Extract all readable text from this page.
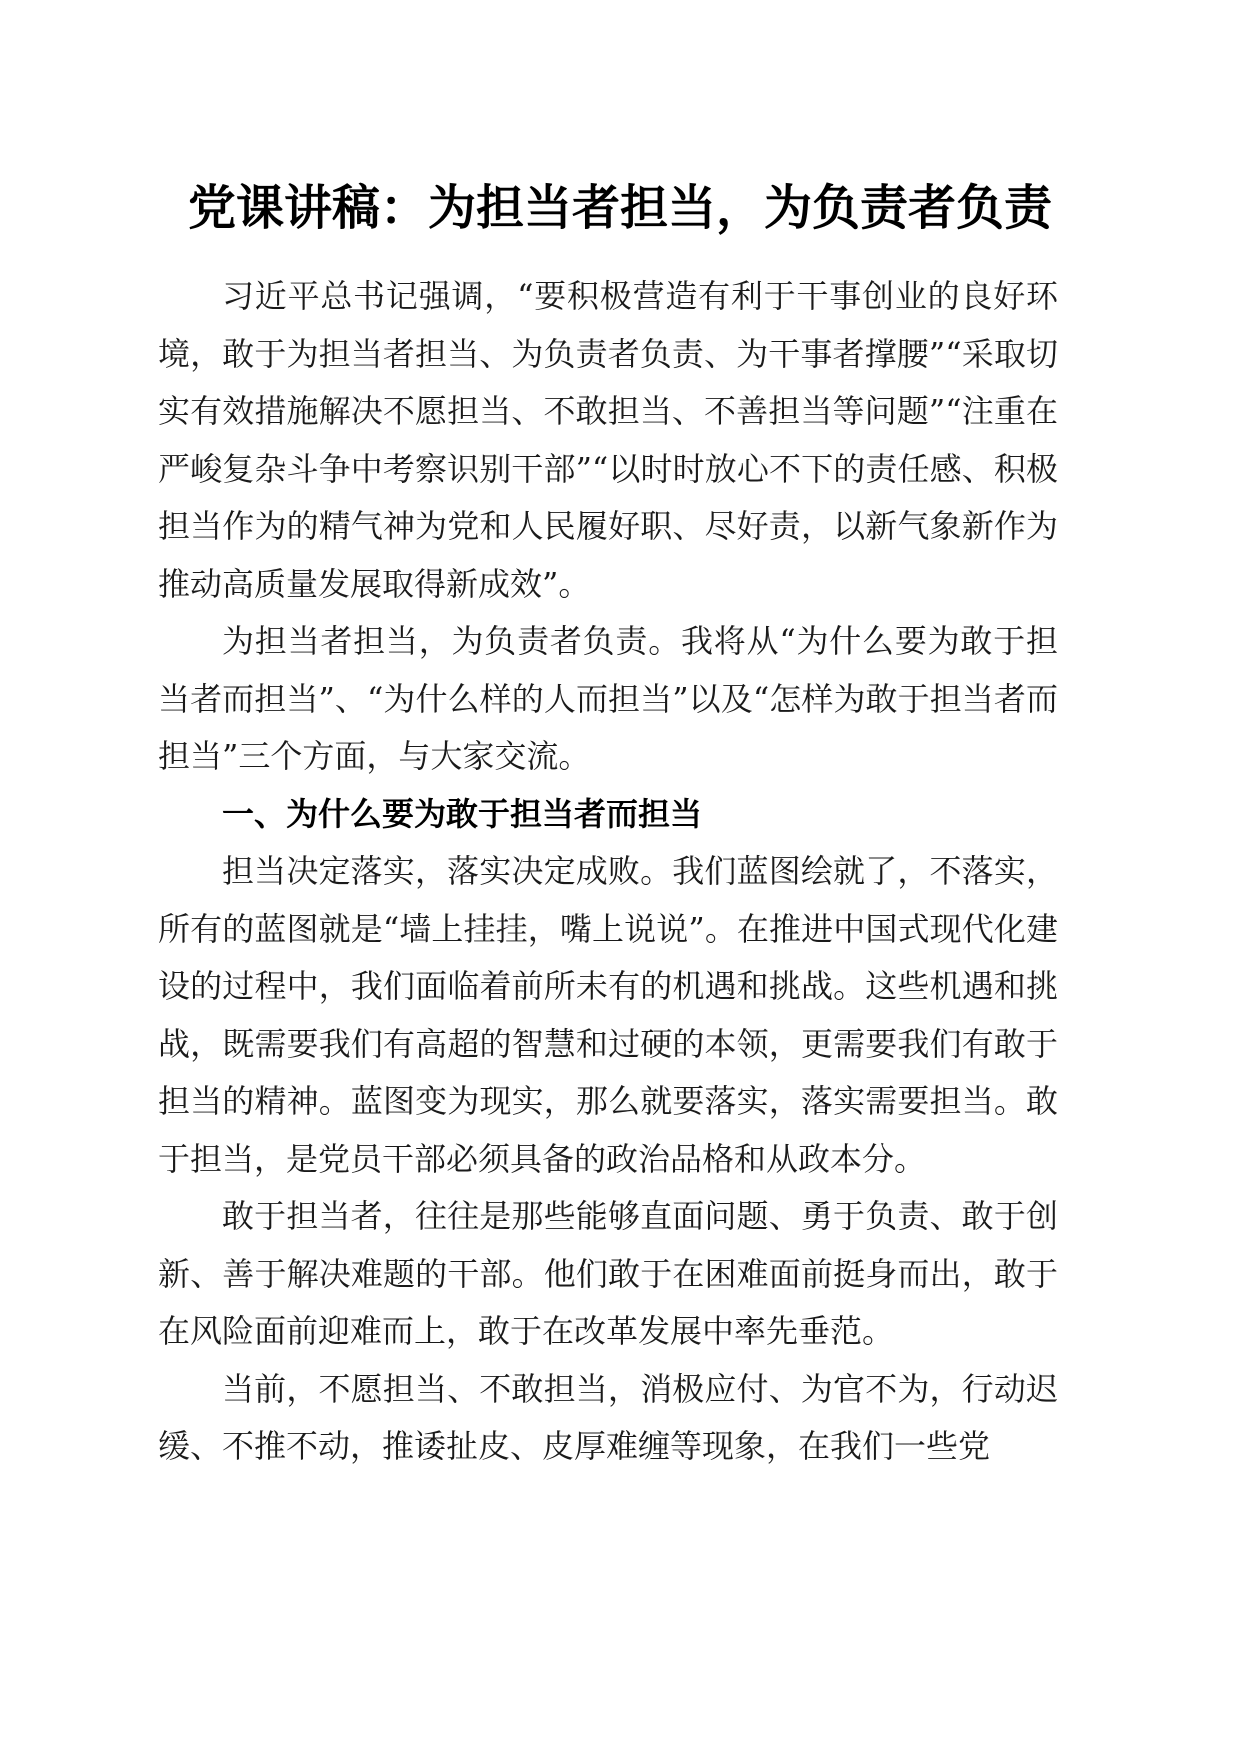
党课讲稿：为担当者担当，为负责者负责

习近平总书记强调，“要积极营造有利于干事创业的良好环境，敢于为担当者担当、为负责者负责、为干事者撑腰”“采取切实有效措施解决不愿担当、不敢担当、不善担当等问题”“注重在严峻复杂斗争中考察识别干部”“以时时放心不下的责任感、积极担当作为的精气神为党和人民履好职、尽好责，以新气象新作为推动高质量发展取得新成效”。

为担当者担当，为负责者负责。我将从“为什么要为敢于担当者而担当”、“为什么样的人而担当”以及“怎样为敢于担当者而担当”三个方面，与大家交流。

一、为什么要为敢于担当者而担当

担当决定落实，落实决定成败。我们蓝图绘就了，不落实，所有的蓝图就是“墙上挂挂，嘴上说说”。在推进中国式现代化建设的过程中，我们面临着前所未有的机遇和挑战。这些机遇和挑战，既需要我们有高超的智慧和过硬的本领，更需要我们有敢于担当的精神。蓝图变为现实，那么就要落实，落实需要担当。敢于担当，是党员干部必须具备的政治品格和从政本分。

敢于担当者，往往是那些能够直面问题、勇于负责、敢于创新、善于解决难题的干部。他们敢于在困难面前挺身而出，敢于在风险面前迎难而上，敢于在改革发展中率先垂范。

当前，不愿担当、不敢担当，消极应付、为官不为，行动迟缓、不推不动，推诿扯皮、皮厚难缠等现象，在我们一些党
